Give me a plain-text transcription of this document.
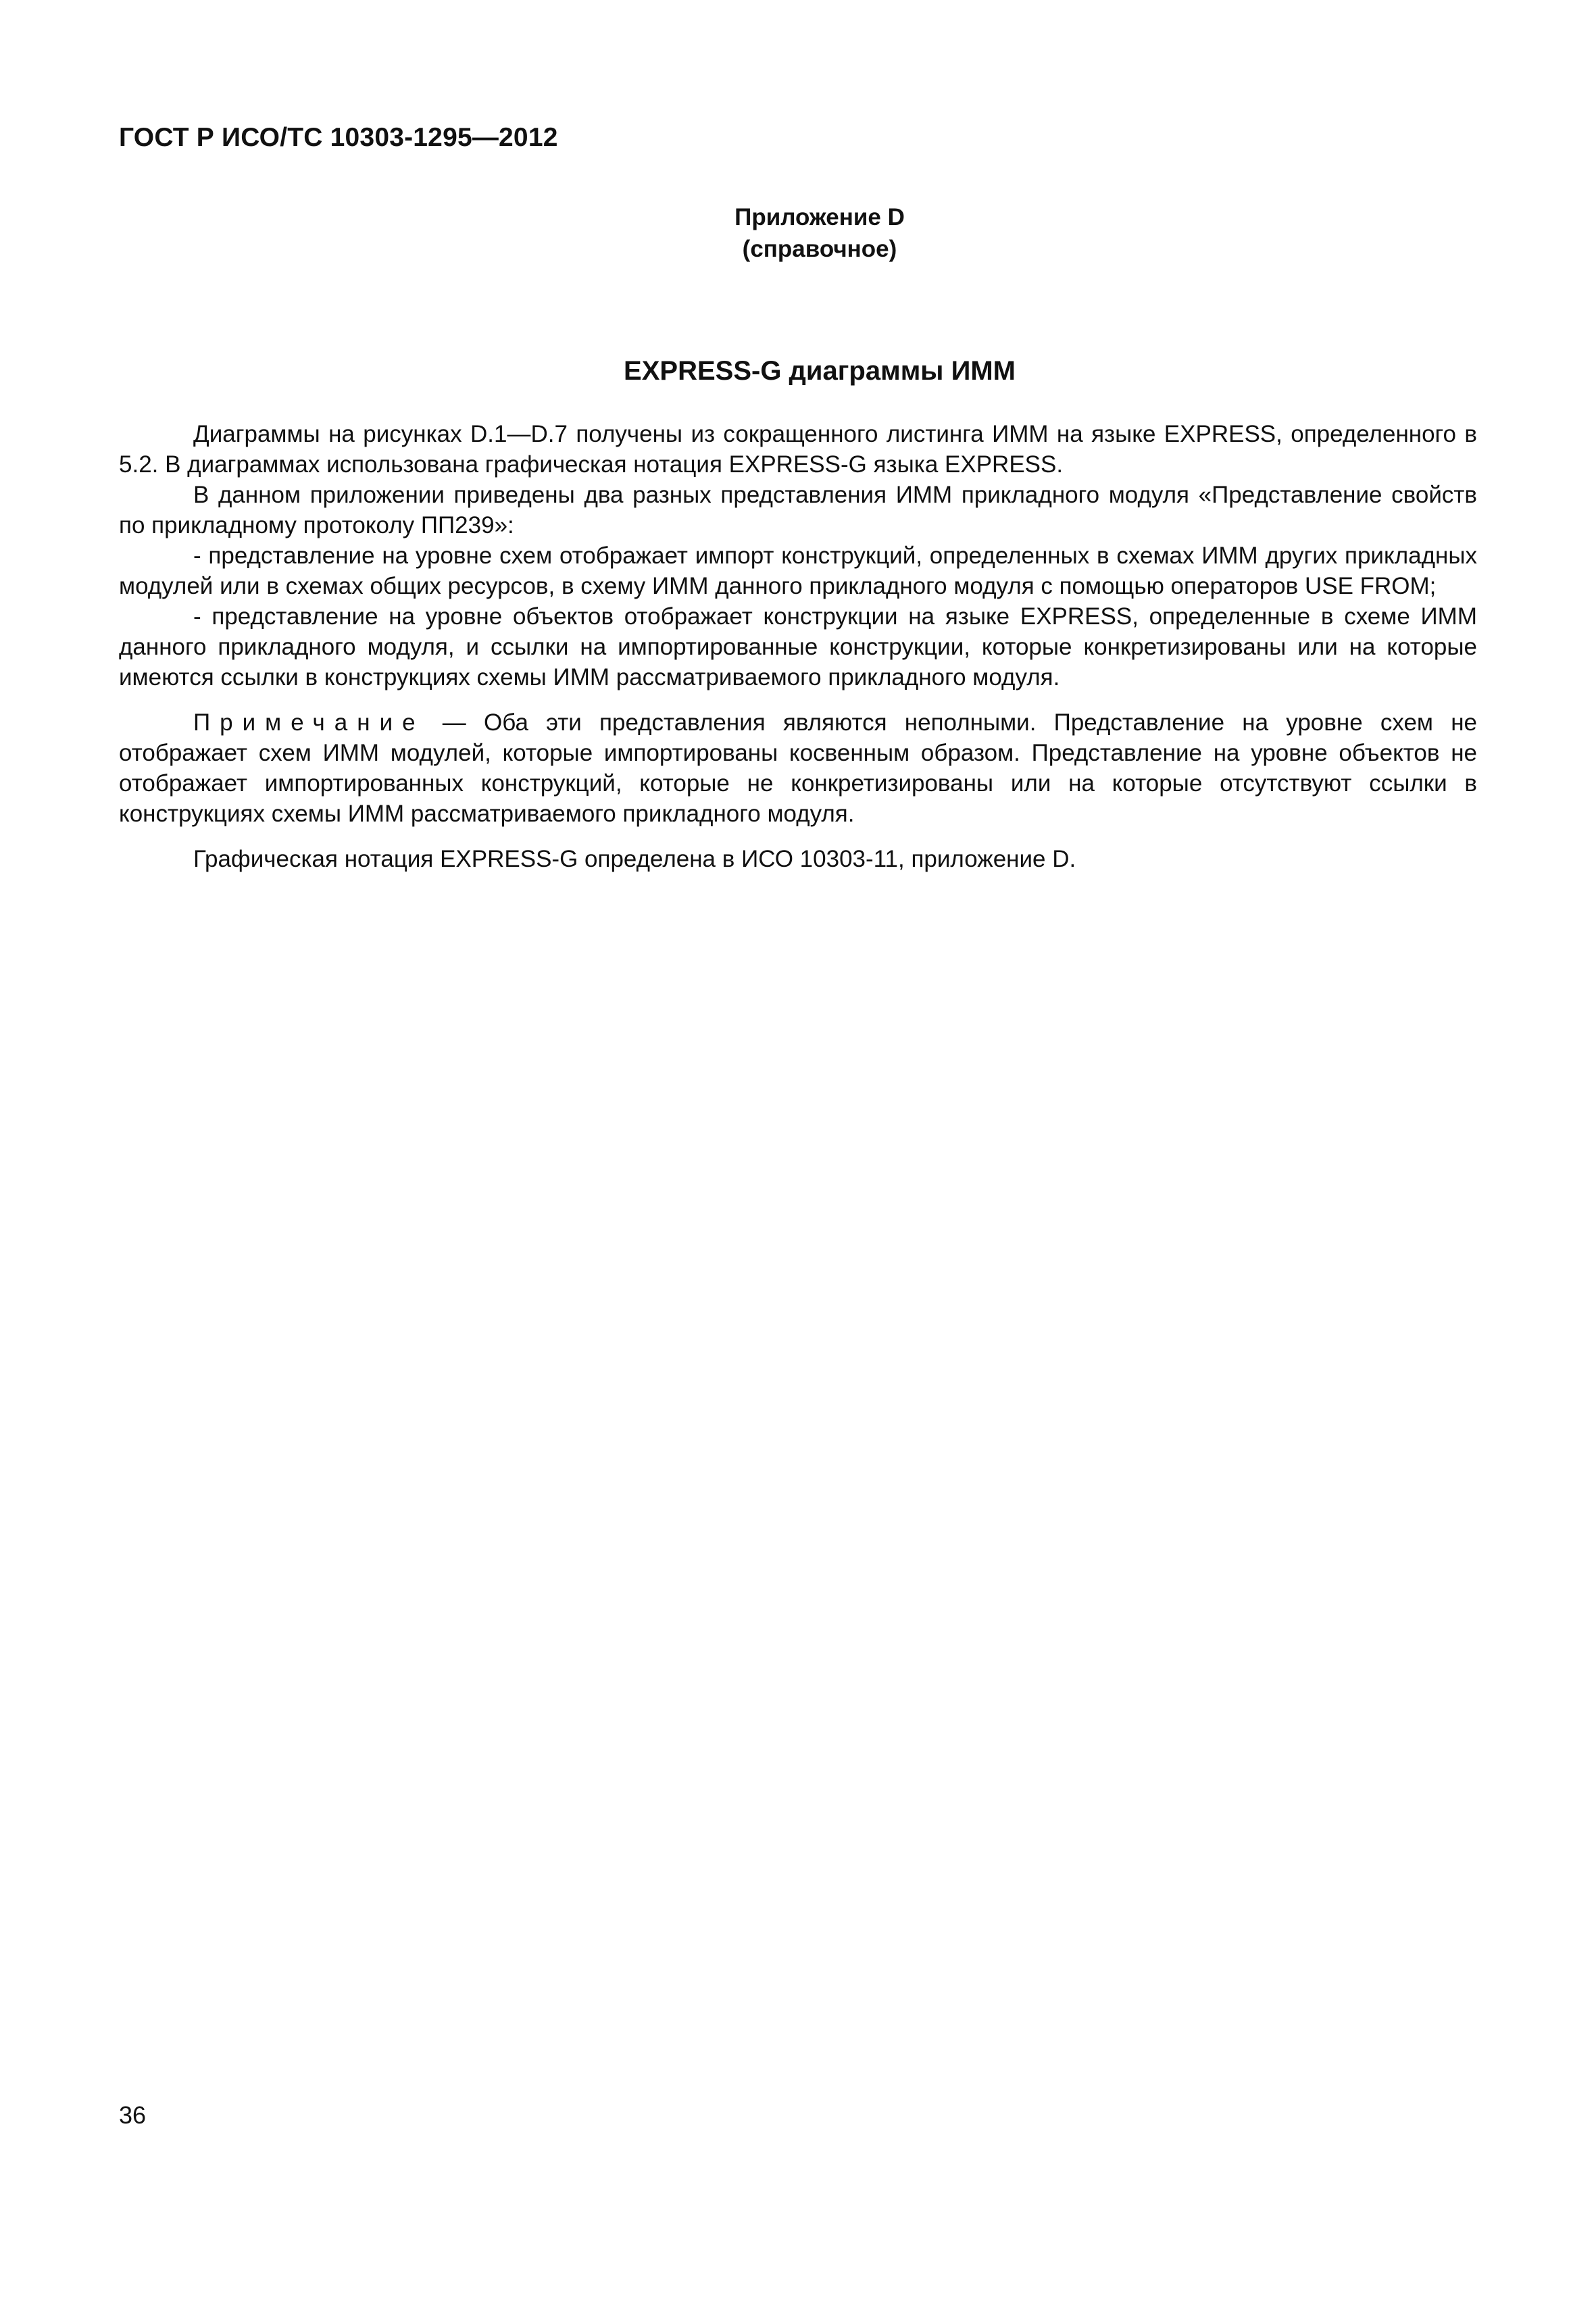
ГОСТ Р ИСО/ТС 10303-1295—2012
Приложение D
(справочное)
EXPRESS-G диаграммы ИММ

Диаграммы на рисунках D.1—D.7 получены из сокращенного листинга ИММ на языке EXPRESS, определенного в 5.2. В диаграммах использована графическая нотация EXPRESS-G языка EXPRESS.

В данном приложении приведены два разных представления ИММ прикладного модуля «Представление свойств по прикладному протоколу ПП239»:

- представление на уровне схем отображает импорт конструкций, определенных в схемах ИММ других прикладных модулей или в схемах общих ресурсов, в схему ИММ данного прикладного модуля с помощью операторов USE FROM;

- представление на уровне объектов отображает конструкции на языке EXPRESS, определенные в схеме ИММ данного прикладного модуля, и ссылки на импортированные конструкции, которые конкретизированы или на которые имеются ссылки в конструкциях схемы ИММ рассматриваемого прикладного модуля.

Примечание — Оба эти представления являются неполными. Представление на уровне схем не отображает схем ИММ модулей, которые импортированы косвенным образом. Представление на уровне объектов не отображает импортированных конструкций, которые не конкретизированы или на которые отсутствуют ссылки в конструкциях схемы ИММ рассматриваемого прикладного модуля.

Графическая нотация EXPRESS-G определена в ИСО 10303-11, приложение D.

36
